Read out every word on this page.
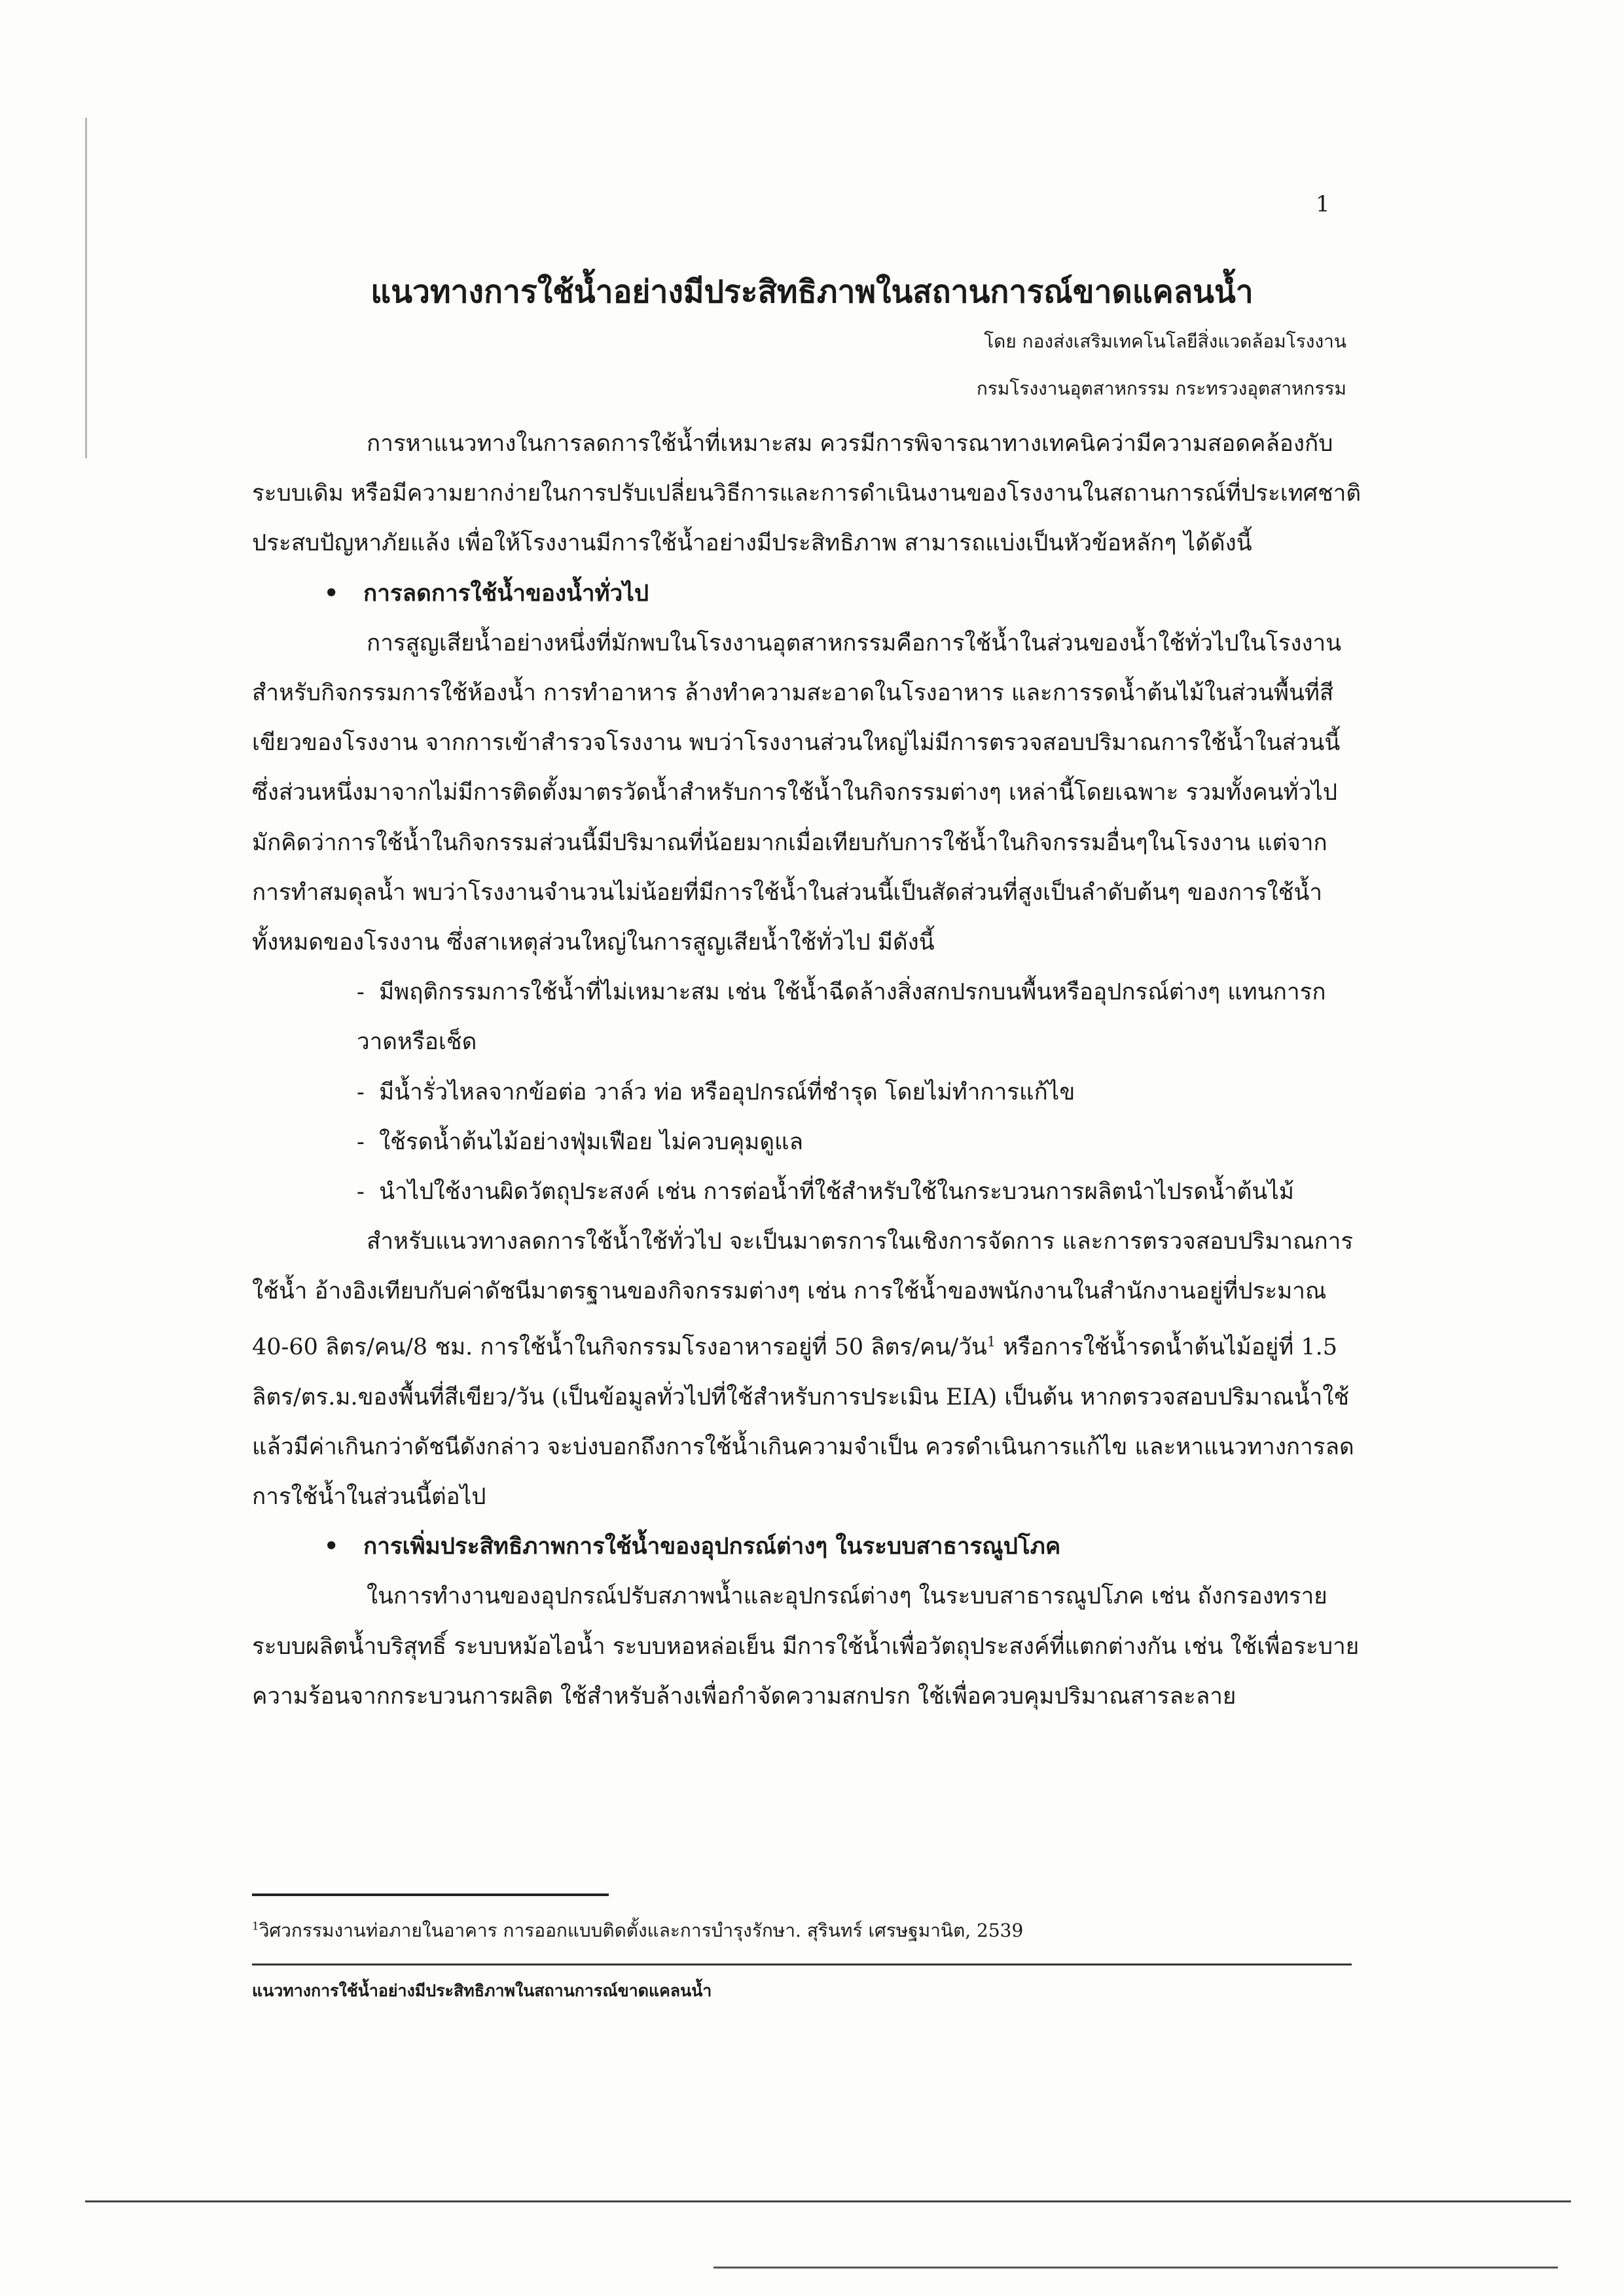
1
แนวทางการใช้น้ำอย่างมีประสิทธิภาพในสถานการณ์ขาดแคลนน้ำ
โดย กองส่งเสริมเทคโนโลยีสิ่งแวดล้อมโรงงาน
กรมโรงงานอุตสาหกรรม กระทรวงอุตสาหกรรม

การหาแนวทางในการลดการใช้น้ำที่เหมาะสม ควรมีการพิจารณาทางเทคนิคว่ามีความสอดคล้องกับระบบเดิม หรือมีความยากง่ายในการปรับเปลี่ยนวิธีการและการดำเนินงานของโรงงานในสถานการณ์ที่ประเทศชาติประสบปัญหาภัยแล้ง เพื่อให้โรงงานมีการใช้น้ำอย่างมีประสิทธิภาพ สามารถแบ่งเป็นหัวข้อหลักๆ ได้ดังนี้

• การลดการใช้น้ำของน้ำทั่วไป

การสูญเสียน้ำอย่างหนึ่งที่มักพบในโรงงานอุตสาหกรรมคือการใช้น้ำในส่วนของน้ำใช้ทั่วไปในโรงงานสำหรับกิจกรรมการใช้ห้องน้ำ การทำอาหาร ล้างทำความสะอาดในโรงอาหาร และการรดน้ำต้นไม้ในส่วนพื้นที่สีเขียวของโรงงาน จากการเข้าสำรวจโรงงาน พบว่าโรงงานส่วนใหญ่ไม่มีการตรวจสอบปริมาณการใช้น้ำในส่วนนี้ ซึ่งส่วนหนึ่งมาจากไม่มีการติดตั้งมาตรวัดน้ำสำหรับการใช้น้ำในกิจกรรมต่างๆ เหล่านี้โดยเฉพาะ รวมทั้งคนทั่วไปมักคิดว่าการใช้น้ำในกิจกรรมส่วนนี้มีปริมาณที่น้อยมากเมื่อเทียบกับการใช้น้ำในกิจกรรมอื่นๆในโรงงาน แต่จากการทำสมดุลน้ำ พบว่าโรงงานจำนวนไม่น้อยที่มีการใช้น้ำในส่วนนี้เป็นสัดส่วนที่สูงเป็นลำดับต้นๆ ของการใช้น้ำทั้งหมดของโรงงาน ซึ่งสาเหตุส่วนใหญ่ในการสูญเสียน้ำใช้ทั่วไป มีดังนี้

-  มีพฤติกรรมการใช้น้ำที่ไม่เหมาะสม เช่น ใช้น้ำฉีดล้างสิ่งสกปรกบนพื้นหรืออุปกรณ์ต่างๆ แทนการกวาดหรือเช็ด

-  มีน้ำรั่วไหลจากข้อต่อ วาล์ว ท่อ หรืออุปกรณ์ที่ชำรุด โดยไม่ทำการแก้ไข

-  ใช้รดน้ำต้นไม้อย่างฟุ่มเฟือย ไม่ควบคุมดูแล

-  นำไปใช้งานผิดวัตถุประสงค์ เช่น การต่อน้ำที่ใช้สำหรับใช้ในกระบวนการผลิตนำไปรดน้ำต้นไม้

สำหรับแนวทางลดการใช้น้ำใช้ทั่วไป จะเป็นมาตรการในเชิงการจัดการ และการตรวจสอบปริมาณการใช้น้ำ อ้างอิงเทียบกับค่าดัชนีมาตรฐานของกิจกรรมต่างๆ เช่น การใช้น้ำของพนักงานในสำนักงานอยู่ที่ประมาณ 40-60 ลิตร/คน/8 ชม. การใช้น้ำในกิจกรรมโรงอาหารอยู่ที่ 50 ลิตร/คน/วัน$^1$ หรือการใช้น้ำรดน้ำต้นไม้อยู่ที่ 1.5 ลิตร/ตร.ม.ของพื้นที่สีเขียว/วัน (เป็นข้อมูลทั่วไปที่ใช้สำหรับการประเมิน EIA) เป็นต้น หากตรวจสอบปริมาณน้ำใช้แล้วมีค่าเกินกว่าดัชนีดังกล่าว จะบ่งบอกถึงการใช้น้ำเกินความจำเป็น ควรดำเนินการแก้ไข และหาแนวทางการลดการใช้น้ำในส่วนนี้ต่อไป

• การเพิ่มประสิทธิภาพการใช้น้ำของอุปกรณ์ต่างๆ ในระบบสาธารณูปโภค

ในการทำงานของอุปกรณ์ปรับสภาพน้ำและอุปกรณ์ต่างๆ ในระบบสาธารณูปโภค เช่น ถังกรองทราย ระบบผลิตน้ำบริสุทธิ์ ระบบหม้อไอน้ำ ระบบหอหล่อเย็น มีการใช้น้ำเพื่อวัตถุประสงค์ที่แตกต่างกัน เช่น ใช้เพื่อระบายความร้อนจากกระบวนการผลิต ใช้สำหรับล้างเพื่อกำจัดความสกปรก ใช้เพื่อควบคุมปริมาณสารละลาย

$^1$วิศวกรรมงานท่อภายในอาคาร การออกแบบติดตั้งและการบำรุงรักษา. สุรินทร์ เศรษฐมานิต, 2539
แนวทางการใช้น้ำอย่างมีประสิทธิภาพในสถานการณ์ขาดแคลนน้ำ
